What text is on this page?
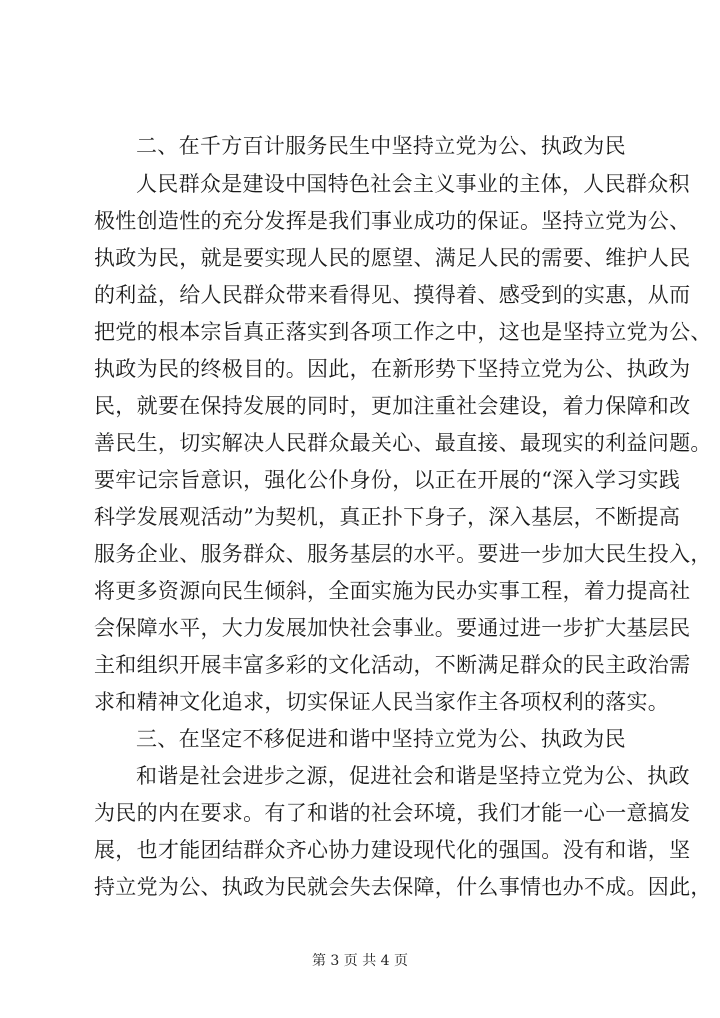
二、在千方百计服务民生中坚持立党为公、执政为民
人民群众是建设中国特色社会主义事业的主体，人民群众积
极性创造性的充分发挥是我们事业成功的保证。坚持立党为公、
执政为民，就是要实现人民的愿望、满足人民的需要、维护人民
的利益，给人民群众带来看得见、摸得着、感受到的实惠，从而
把党的根本宗旨真正落实到各项工作之中，这也是坚持立党为公、
执政为民的终极目的。因此，在新形势下坚持立党为公、执政为
民，就要在保持发展的同时，更加注重社会建设，着力保障和改
善民生，切实解决人民群众最关心、最直接、最现实的利益问题。
要牢记宗旨意识，强化公仆身份，以正在开展的“深入学习实践
科学发展观活动”为契机，真正扑下身子，深入基层，不断提高
服务企业、服务群众、服务基层的水平。要进一步加大民生投入，
将更多资源向民生倾斜，全面实施为民办实事工程，着力提高社
会保障水平，大力发展加快社会事业。要通过进一步扩大基层民
主和组织开展丰富多彩的文化活动，不断满足群众的民主政治需
求和精神文化追求，切实保证人民当家作主各项权利的落实。
三、在坚定不移促进和谐中坚持立党为公、执政为民
和谐是社会进步之源，促进社会和谐是坚持立党为公、执政
为民的内在要求。有了和谐的社会环境，我们才能一心一意搞发
展，也才能团结群众齐心协力建设现代化的强国。没有和谐，坚
持立党为公、执政为民就会失去保障，什么事情也办不成。因此，
第 3 页 共 4 页
